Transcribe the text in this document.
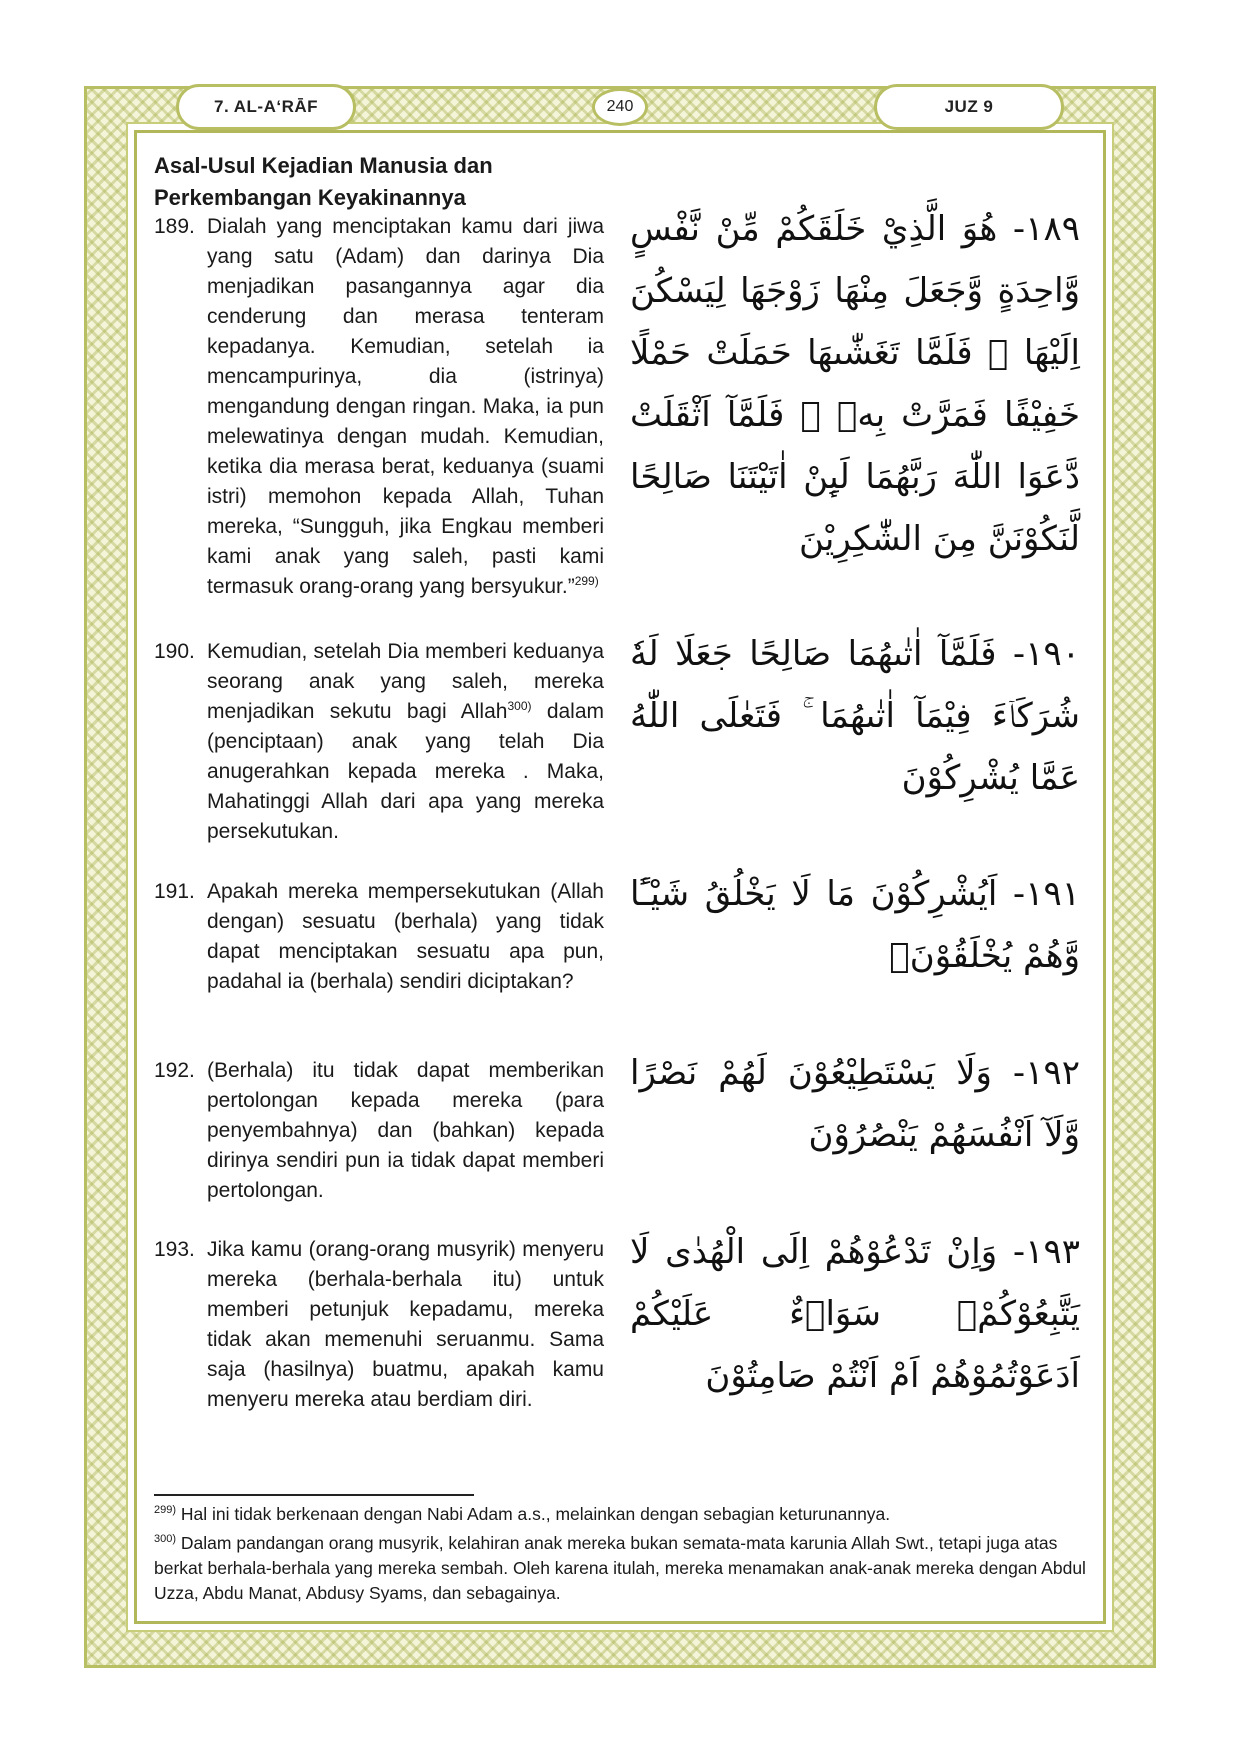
7. AL-A‘RĀF	240	JUZ 9
Asal-Usul Kejadian Manusia dan
Perkembangan Keyakinannya
189. Dialah yang menciptakan kamu dari jiwa yang satu (Adam) dan darinya Dia menjadikan pasangannya agar dia cenderung dan merasa tenteram kepadanya. Kemudian, setelah ia mencampurinya, dia (istrinya) mengandung dengan ringan. Maka, ia pun melewatinya dengan mudah. Kemudian, ketika dia merasa berat, keduanya (suami istri) memohon kepada Allah, Tuhan mereka, “Sungguh, jika Engkau memberi kami anak yang saleh, pasti kami termasuk orang-orang yang bersyukur.”$^{299)}$
١٨٩- هُوَ الَّذِيْ خَلَقَكُمْ مِّنْ نَّفْسٍ وَّاحِدَةٍ وَّجَعَلَ مِنْهَا زَوْجَهَا لِيَسْكُنَ اِلَيْهَا ۚ فَلَمَّا تَغَشّٰىهَا حَمَلَتْ حَمْلًا خَفِيْفًا فَمَرَّتْ بِهٖ ۚ فَلَمَّآ اَثْقَلَتْ دَّعَوَا اللّٰهَ رَبَّهُمَا لَىِٕنْ اٰتَيْتَنَا صَالِحًا لَّنَكُوْنَنَّ مِنَ الشّٰكِرِيْنَ
190. Kemudian, setelah Dia memberi keduanya seorang anak yang saleh, mereka menjadikan sekutu bagi Allah$^{300)}$ dalam (penciptaan) anak yang telah Dia anugerahkan kepada mereka . Maka, Mahatinggi Allah dari apa yang mereka persekutukan.
١٩٠- فَلَمَّآ اٰتٰىهُمَا صَالِحًا جَعَلَا لَهٗ شُرَكَاۤءَ فِيْمَآ اٰتٰىهُمَا ۚ فَتَعٰلَى اللّٰهُ عَمَّا يُشْرِكُوْنَ
191. Apakah mereka mempersekutukan (Allah dengan) sesuatu (berhala) yang tidak dapat menciptakan sesuatu apa pun, padahal ia (berhala) sendiri diciptakan?
١٩١- اَيُشْرِكُوْنَ مَا لَا يَخْلُقُ شَيْـًٔا وَّهُمْ يُخْلَقُوْنَۖ
192. (Berhala) itu tidak dapat memberikan pertolongan kepada mereka (para penyembahnya) dan (bahkan) kepada dirinya sendiri pun ia tidak dapat memberi pertolongan.
١٩٢- وَلَا يَسْتَطِيْعُوْنَ لَهُمْ نَصْرًا وَّلَآ اَنْفُسَهُمْ يَنْصُرُوْنَ
193. Jika kamu (orang-orang musyrik) menyeru mereka (berhala-berhala itu) untuk memberi petunjuk kepadamu, mereka tidak akan memenuhi seruanmu. Sama saja (hasilnya) buatmu, apakah kamu menyeru mereka atau berdiam diri.
١٩٣- وَاِنْ تَدْعُوْهُمْ اِلَى الْهُدٰى لَا يَتَّبِعُوْكُمْۗ سَوَاۤءٌ عَلَيْكُمْ اَدَعَوْتُمُوْهُمْ اَمْ اَنْتُمْ صَامِتُوْنَ

$^{299)}$ Hal ini tidak berkenaan dengan Nabi Adam a.s., melainkan dengan sebagian keturunannya.

$^{300)}$ Dalam pandangan orang musyrik, kelahiran anak mereka bukan semata-mata karunia Allah Swt., tetapi juga atas berkat berhala-berhala yang mereka sembah. Oleh karena itulah, mereka menamakan anak-anak mereka dengan Abdul Uzza, Abdu Manat, Abdusy Syams, dan sebagainya.
